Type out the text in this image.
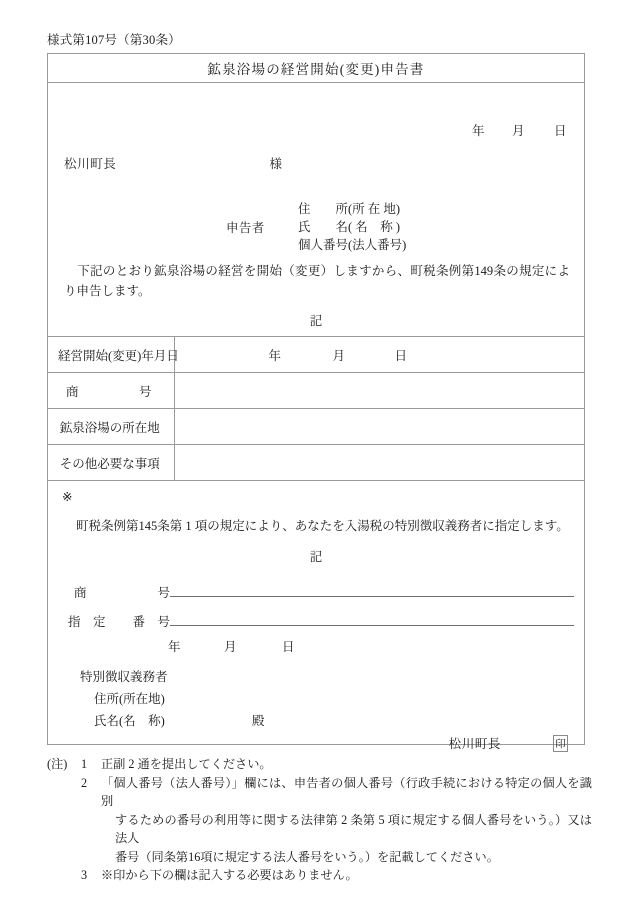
様式第107号（第30条）
鉱泉浴場の経営開始(変更)申告書
年	月	日
松川町長	様
申告者
住　　所(所 在 地)
氏　　名( 名　称 )
個人番号(法人番号)
下記のとおり鉱泉浴場の経営を開始（変更）しますから、町税条例第149条の規定により申告します。
記
経営開始(変更)年月日	年 月 日

商 号	

鉱泉浴場の所在地	

その他必要な事項	

※
町税条例第145条第 1 項の規定により、あなたを入湯税の特別徴収義務者に指定します。
記
商	号
指　定 番　号
年	月	日
特別徴収義務者
住所(所在地)
氏名(名　称)	殿
松川町長	印
(注)	1	正副 2 通を提出してください。
2	「個人番号（法人番号）」欄には、申告者の個人番号（行政手続における特定の個人を識別
するための番号の利用等に関する法律第 2 条第 5 項に規定する個人番号をいう。）又は法人
番号（同条第16項に規定する法人番号をいう。）を記載してください。
3	※印から下の欄は記入する必要はありません。
